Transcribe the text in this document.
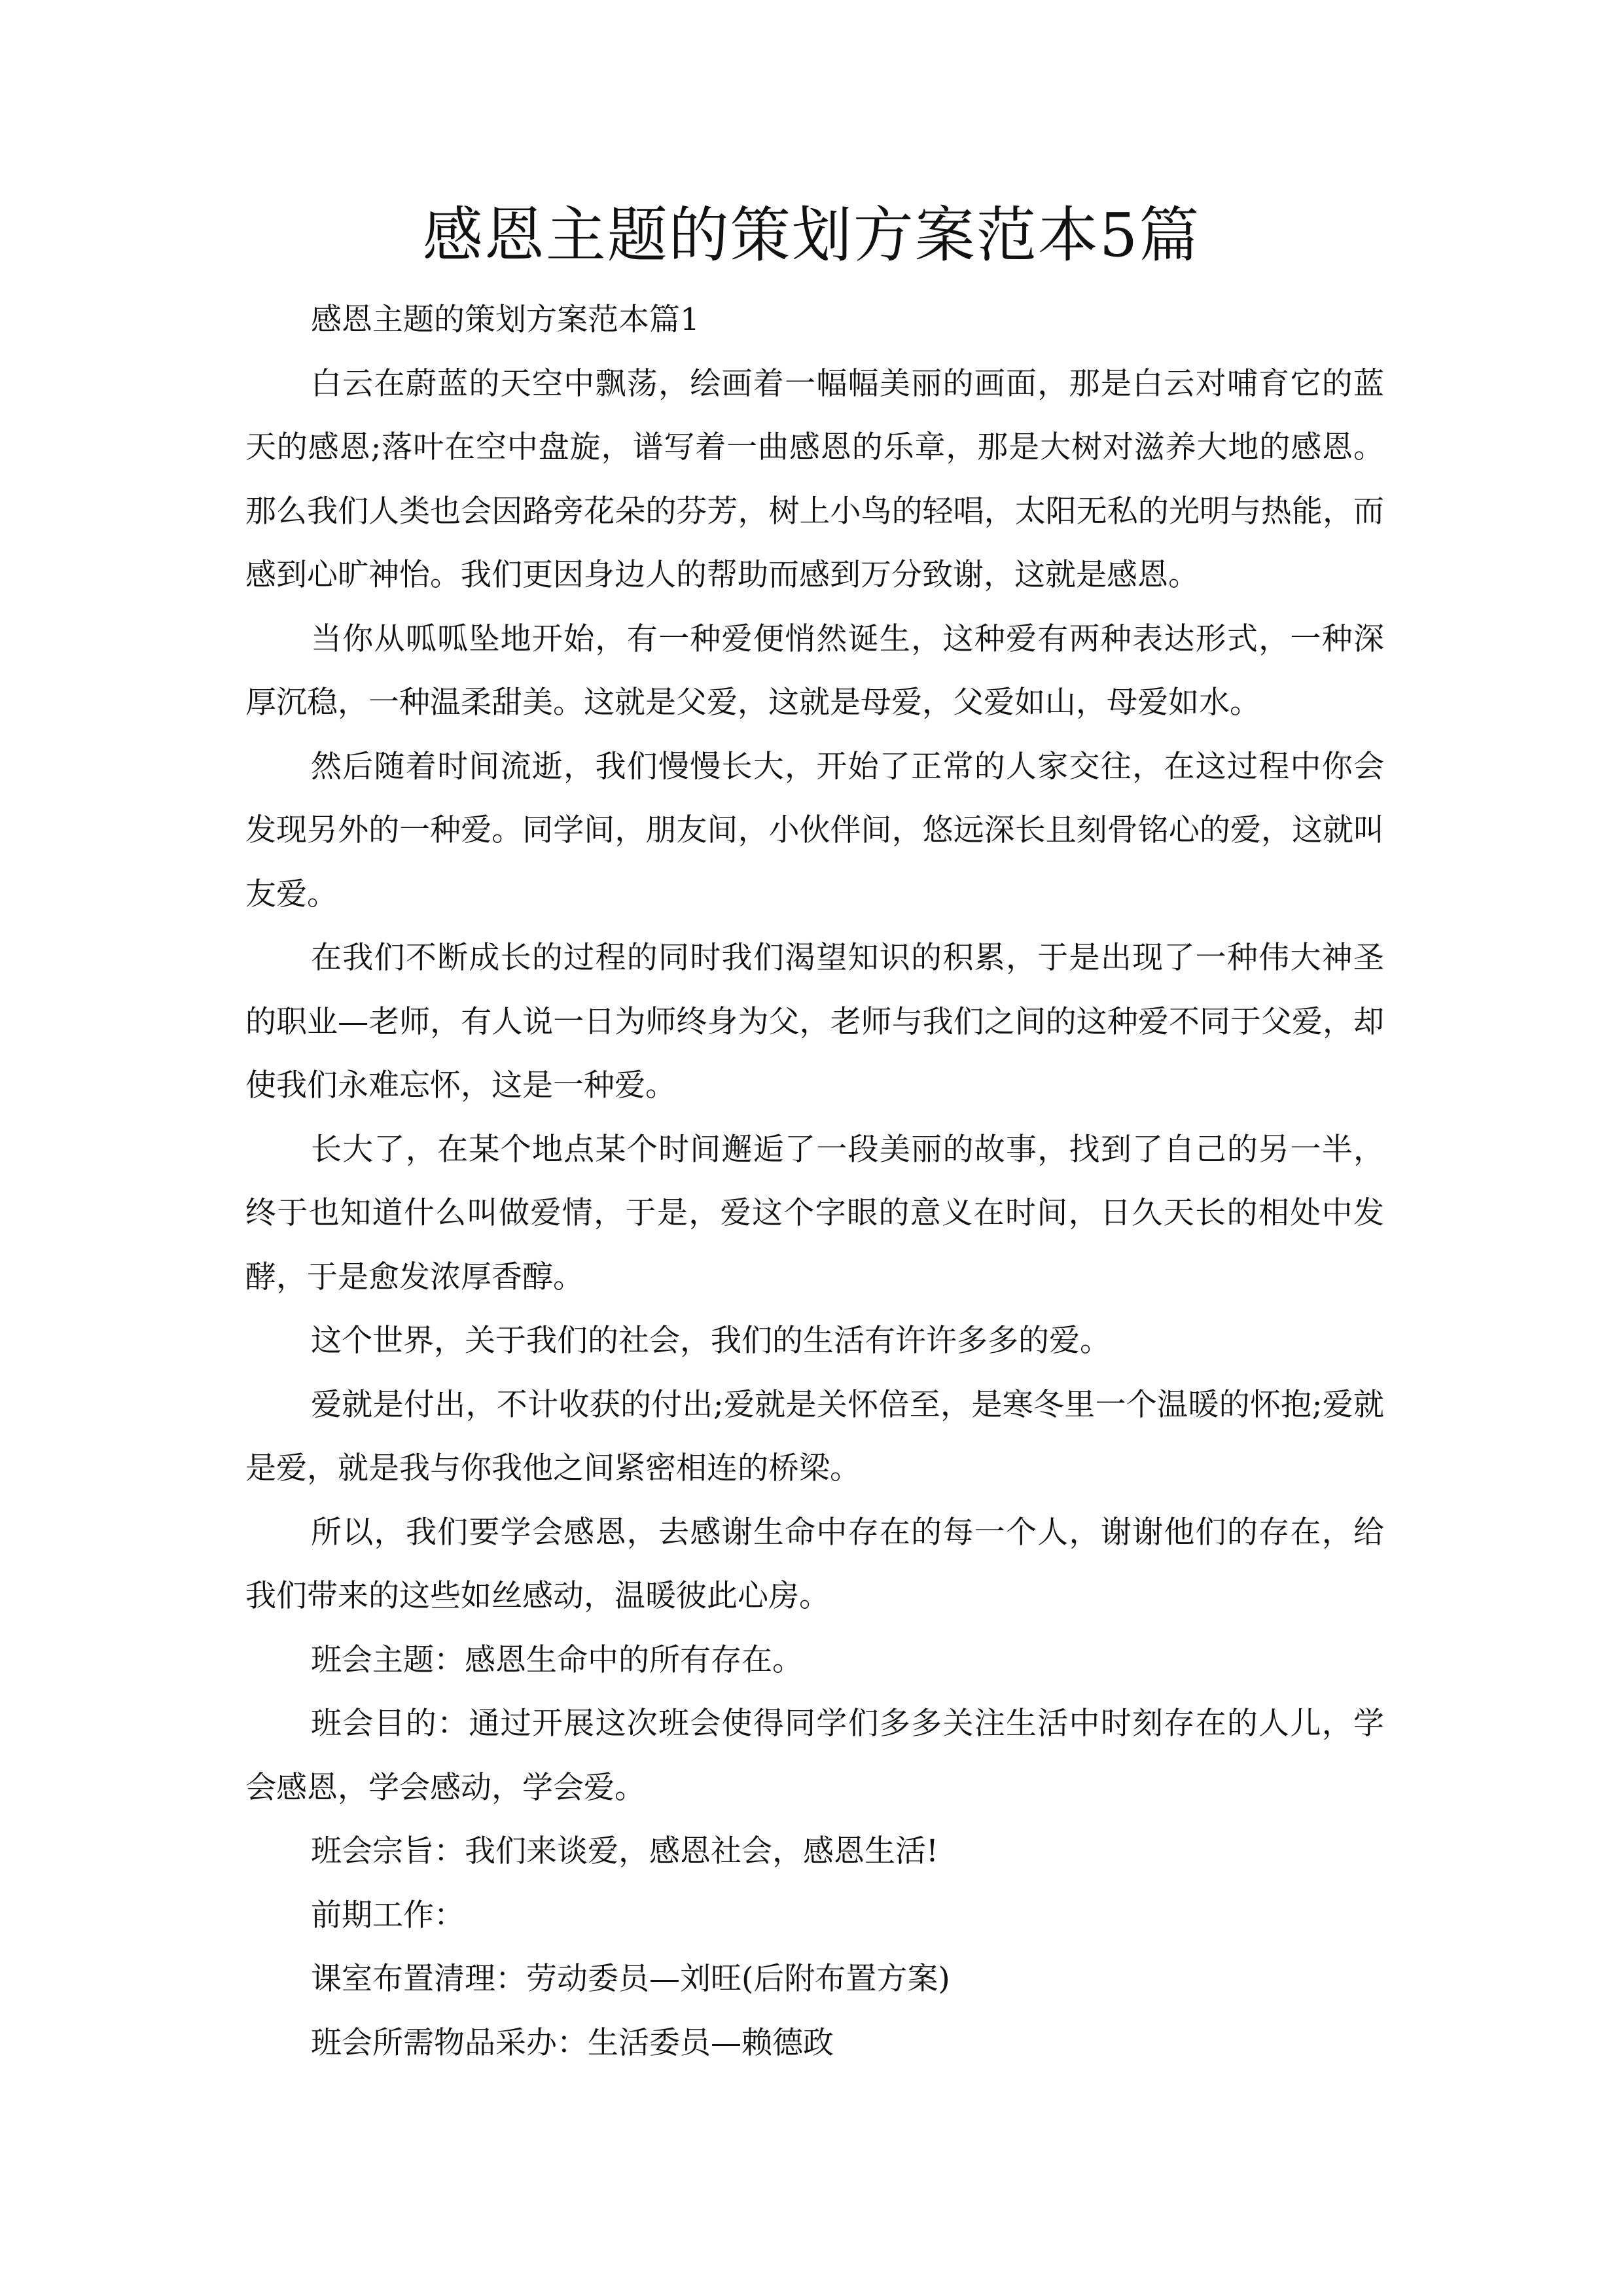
感恩主题的策划方案范本5篇

感恩主题的策划方案范本篇1

白云在蔚蓝的天空中飘荡，绘画着一幅幅美丽的画面，那是白云对哺育它的蓝天的感恩;落叶在空中盘旋，谱写着一曲感恩的乐章，那是大树对滋养大地的感恩。那么我们人类也会因路旁花朵的芬芳，树上小鸟的轻唱，太阳无私的光明与热能，而感到心旷神怡。我们更因身边人的帮助而感到万分致谢，这就是感恩。

当你从呱呱坠地开始，有一种爱便悄然诞生，这种爱有两种表达形式，一种深厚沉稳，一种温柔甜美。这就是父爱，这就是母爱，父爱如山，母爱如水。

然后随着时间流逝，我们慢慢长大，开始了正常的人家交往，在这过程中你会发现另外的一种爱。同学间，朋友间，小伙伴间，悠远深长且刻骨铭心的爱，这就叫友爱。

在我们不断成长的过程的同时我们渴望知识的积累，于是出现了一种伟大神圣的职业—老师，有人说一日为师终身为父，老师与我们之间的这种爱不同于父爱，却使我们永难忘怀，这是一种爱。

长大了，在某个地点某个时间邂逅了一段美丽的故事，找到了自己的另一半，终于也知道什么叫做爱情，于是，爱这个字眼的意义在时间，日久天长的相处中发酵，于是愈发浓厚香醇。

这个世界，关于我们的社会，我们的生活有许许多多的爱。

爱就是付出，不计收获的付出;爱就是关怀倍至，是寒冬里一个温暖的怀抱;爱就是爱，就是我与你我他之间紧密相连的桥梁。

所以，我们要学会感恩，去感谢生命中存在的每一个人，谢谢他们的存在，给我们带来的这些如丝感动，温暖彼此心房。

班会主题：感恩生命中的所有存在。

班会目的：通过开展这次班会使得同学们多多关注生活中时刻存在的人儿，学会感恩，学会感动，学会爱。

班会宗旨：我们来谈爱，感恩社会，感恩生活!

前期工作：

课室布置清理：劳动委员—刘旺(后附布置方案)

班会所需物品采办：生活委员—赖德政
